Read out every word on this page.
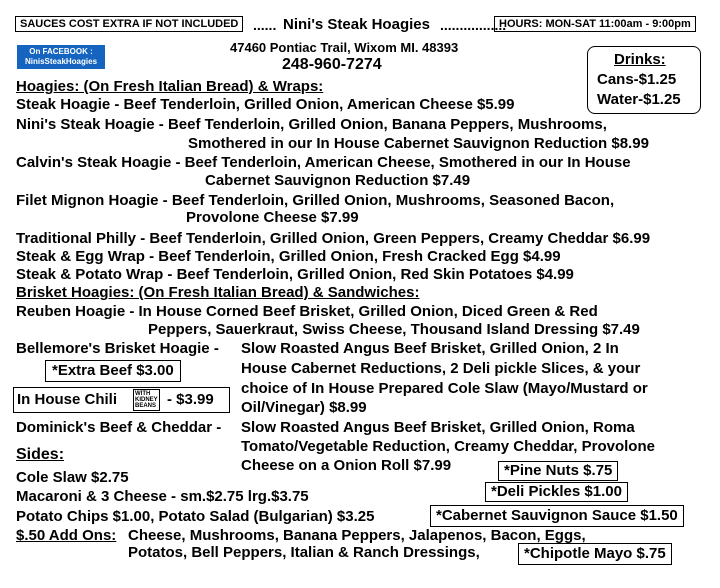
SAUCES COST EXTRA IF NOT INCLUDED	...... Nini's Steak Hoagies .................
HOURS: MON-SAT 11:00am - 9:00pm
On FACEBOOK :
NinisSteakHoagies
47460 Pontiac Trail, Wixom MI. 48393
248-960-7274	Drinks:
Cans-$1.25
Water-$1.25
Hoagies: (On Fresh Italian Bread) & Wraps:
Steak Hoagie - Beef Tenderloin, Grilled Onion, American Cheese $5.99
Nini's Steak Hoagie - Beef Tenderloin, Grilled Onion, Banana Peppers, Mushrooms,
Smothered in our In House Cabernet Sauvignon Reduction $8.99
Calvin's Steak Hoagie - Beef Tenderloin, American Cheese, Smothered in our In House
Cabernet Sauvignon Reduction $7.49
Filet Mignon Hoagie - Beef Tenderloin, Grilled Onion, Mushrooms, Seasoned Bacon,
Provolone Cheese $7.99
Traditional Philly - Beef Tenderloin, Grilled Onion, Green Peppers, Creamy Cheddar $6.99
Steak & Egg Wrap - Beef Tenderloin, Grilled Onion, Fresh Cracked Egg $4.99
Steak & Potato Wrap - Beef Tenderloin, Grilled Onion, Red Skin Potatoes $4.99
Brisket Hoagies: (On Fresh Italian Bread) & Sandwiches:
Reuben Hoagie - In House Corned Beef Brisket, Grilled Onion, Diced Green & Red
Peppers, Sauerkraut, Swiss Cheese, Thousand Island Dressing $7.49
Bellemore's Brisket Hoagie - Slow Roasted Angus Beef Brisket, Grilled Onion, 2 In
House Cabernet Reductions, 2 Deli pickle Slices, & your
choice of In House Prepared Cole Slaw (Mayo/Mustard or
Oil/Vinegar) $8.99
*Extra Beef $3.00
In House Chili	WITH
KIDNEY
BEANS - $3.99
Dominick's Beef & Cheddar - Slow Roasted Angus Beef Brisket, Grilled Onion, Roma
Tomato/Vegetable Reduction, Creamy Cheddar, Provolone
Cheese on a Onion Roll $7.99
Sides:
Cole Slaw $2.75
Macaroni & 3 Cheese - sm.$2.75 lrg.$3.75
Potato Chips $1.00, Potato Salad (Bulgarian) $3.25
$.50 Add Ons: Cheese, Mushrooms, Banana Peppers, Jalapenos, Bacon, Eggs,
Potatos, Bell Peppers, Italian & Ranch Dressings,
*Pine Nuts $.75
*Deli Pickles $1.00
*Cabernet Sauvignon Sauce $1.50
*Chipotle Mayo $.75
